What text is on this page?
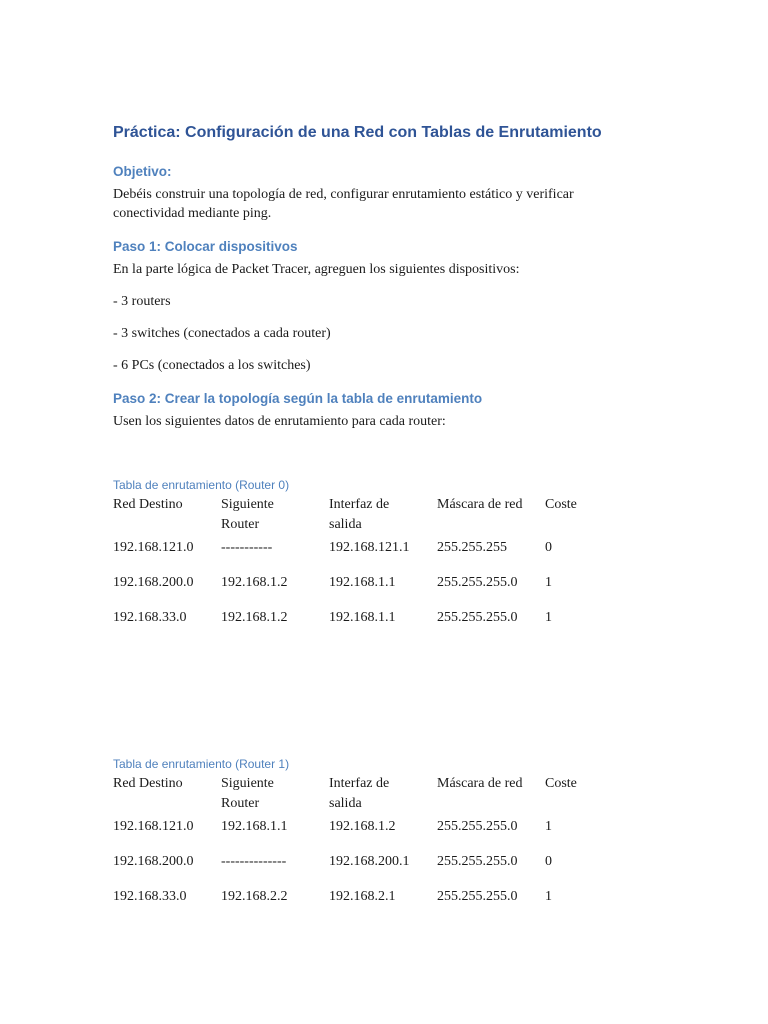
Práctica: Configuración de una Red con Tablas de Enrutamiento
Objetivo:
Debéis construir una topología de red, configurar enrutamiento estático y verificar conectividad mediante ping.
Paso 1: Colocar dispositivos
En la parte lógica de Packet Tracer, agreguen los siguientes dispositivos:
- 3 routers
- 3 switches (conectados a cada router)
- 6 PCs (conectados a los switches)
Paso 2: Crear la topología según la tabla de enrutamiento
Usen los siguientes datos de enrutamiento para cada router:
Tabla de enrutamiento (Router 0)
Red Destino	Siguiente Router	Interfaz de salida	Máscara de red	Coste
192.168.121.0	-----------	192.168.121.1	255.255.255	0
192.168.200.0	192.168.1.2	192.168.1.1	255.255.255.0	1
192.168.33.0	192.168.1.2	192.168.1.1	255.255.255.0	1
Tabla de enrutamiento (Router 1)
Red Destino	Siguiente Router	Interfaz de salida	Máscara de red	Coste
192.168.121.0	192.168.1.1	192.168.1.2	255.255.255.0	1
192.168.200.0	--------------	192.168.200.1	255.255.255.0	0
192.168.33.0	192.168.2.2	192.168.2.1	255.255.255.0	1
